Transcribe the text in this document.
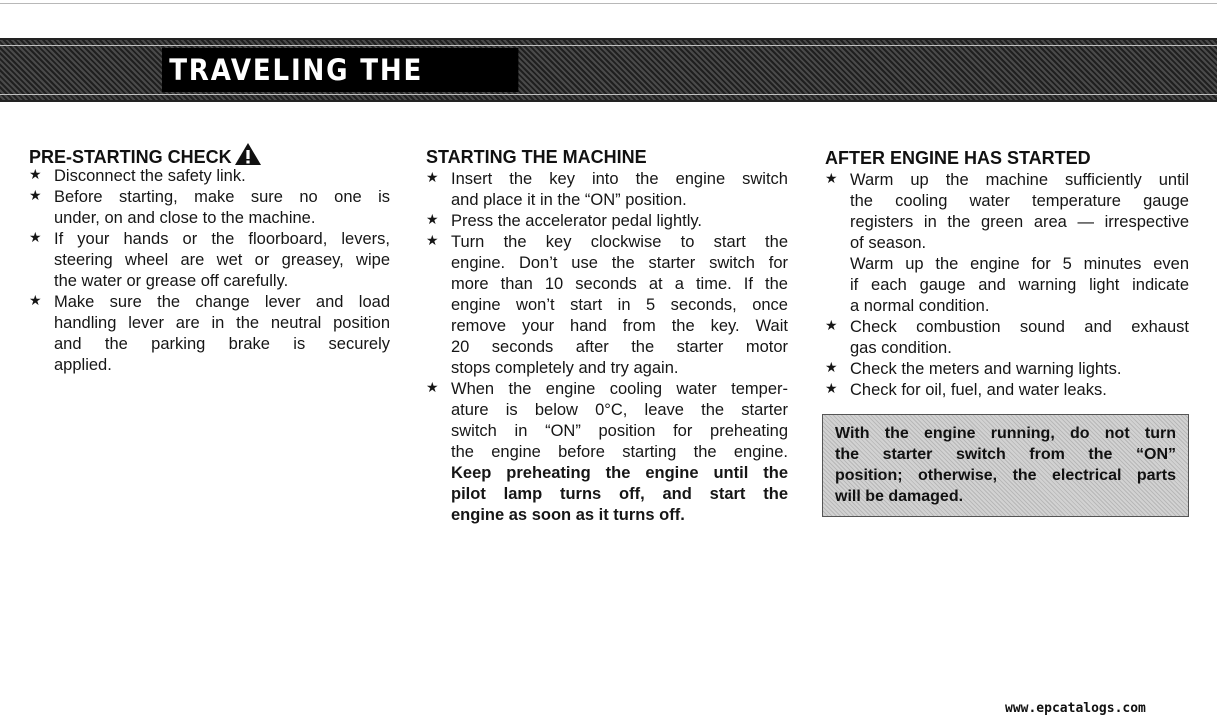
TRAVELING THE MACHINE
PRE-STARTING CHECK
★ Disconnect the safety link.
★ Before starting, make sure no one is
under, on and close to the machine.
★ If your hands or the floorboard, levers,
steering wheel are wet or greasey, wipe
the water or grease off carefully.
★ Make sure the change lever and load
handling lever are in the neutral position
and the parking brake is securely
applied.
STARTING THE MACHINE
★ Insert the key into the engine switch
and place it in the “ON” position.
★ Press the accelerator pedal lightly.
★ Turn the key clockwise to start the
engine. Don’t use the starter switch for
more than 10 seconds at a time. If the
engine won’t start in 5 seconds, once
remove your hand from the key. Wait
20 seconds after the starter motor
stops completely and try again.
★ When the engine cooling water temper-
ature is below 0°C, leave the starter
switch in “ON” position for preheating
the engine before starting the engine.
Keep preheating the engine until the
pilot lamp turns off, and start the
engine as soon as it turns off.
AFTER ENGINE HAS STARTED
★ Warm up the machine sufficiently until
the cooling water temperature gauge
registers in the green area — irrespective
of season.
Warm up the engine for 5 minutes even
if each gauge and warning light indicate
a normal condition.
★ Check combustion sound and exhaust
gas condition.
★ Check the meters and warning lights.
★ Check for oil, fuel, and water leaks.
With the engine running, do not turn
the starter switch from the “ON”
position; otherwise, the electrical parts
will be damaged.
www.epcatalogs.com
